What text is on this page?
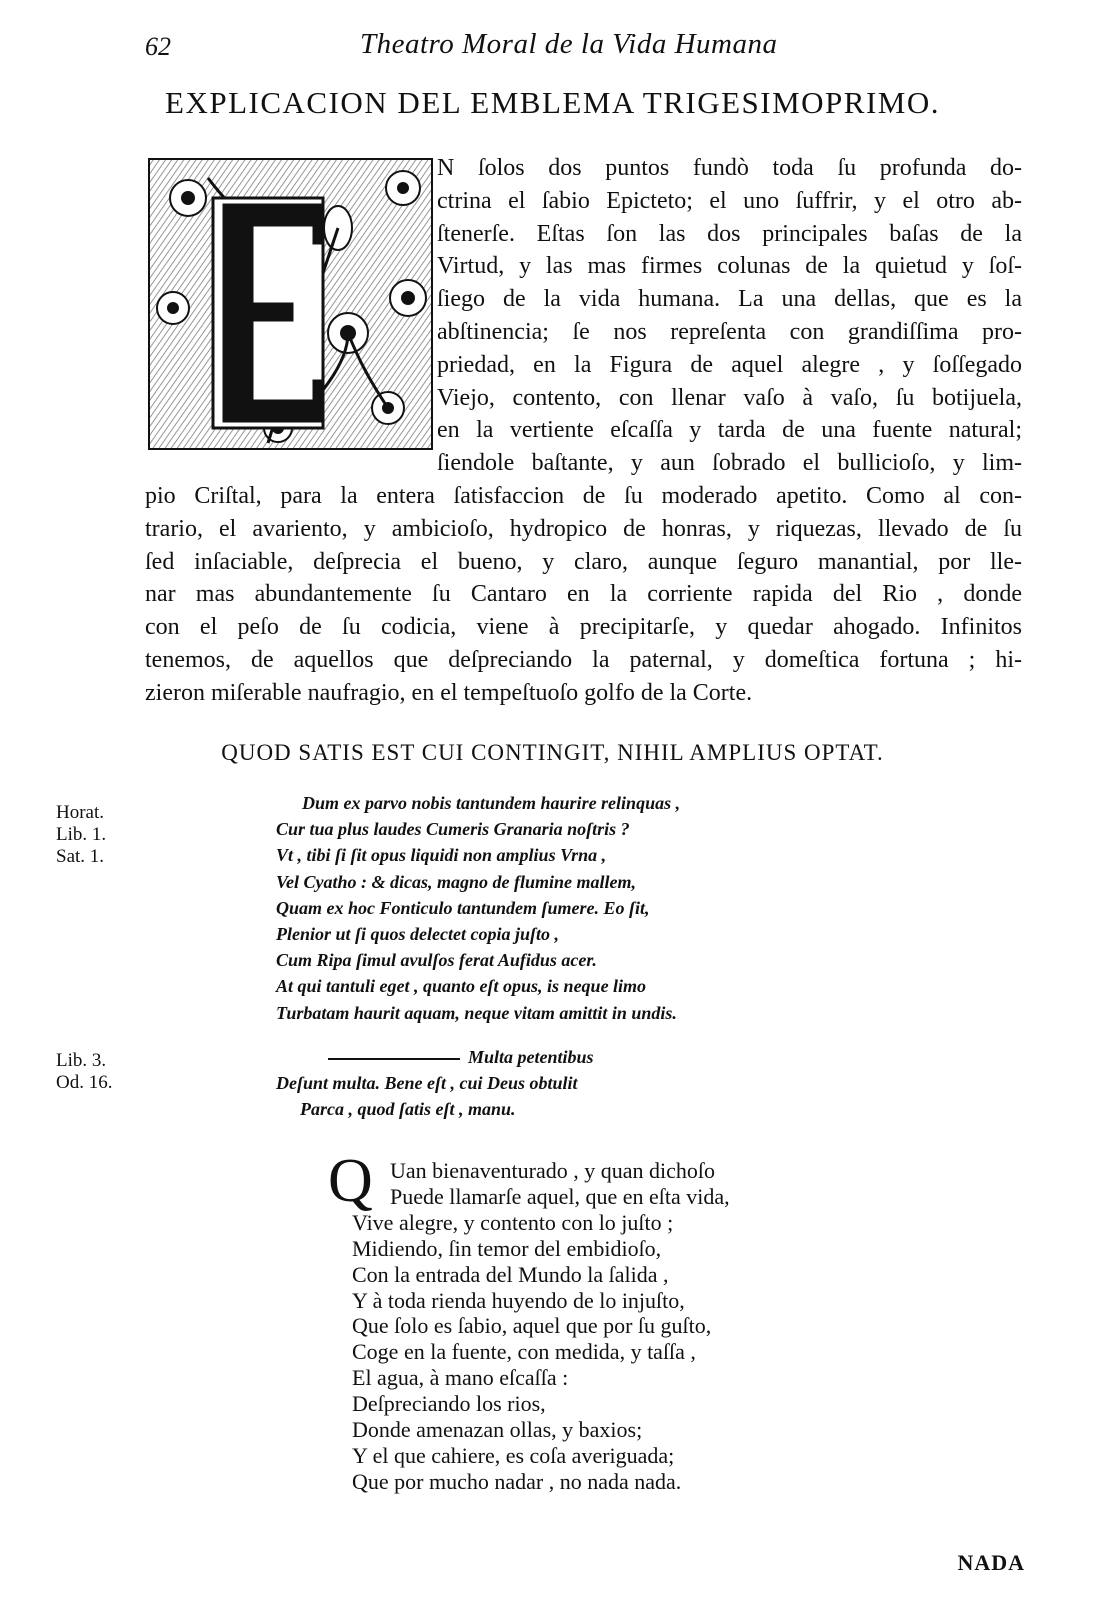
62	Theatro Moral de la Vida Humana
EXPLICACION DEL EMBLEMA TRIGESIMOPRIMO.
N ſolos dos puntos fundò toda ſu profunda do-
ctrina el ſabio Epicteto; el uno ſuffrir, y el otro ab-
ſtenerſe. Eſtas ſon las dos principales baſas de la
Virtud, y las mas firmes colunas de la quietud y ſoſ-
ſiego de la vida humana. La una dellas, que es la
abſtinencia; ſe nos repreſenta con grandiſſima pro-
priedad, en la Figura de aquel alegre , y ſoſſegado
Viejo, contento, con llenar vaſo à vaſo, ſu botijuela,
en la vertiente eſcaſſa y tarda de una fuente natural;
ſiendole baſtante, y aun ſobrado el bullicioſo, y lim-
pio Criſtal, para la entera ſatisfaccion de ſu moderado apetito. Como al con-
trario, el avariento, y ambicioſo, hydropico de honras, y riquezas, llevado de ſu
ſed inſaciable, deſprecia el bueno, y claro, aunque ſeguro manantial, por lle-
nar mas abundantemente ſu Cantaro en la corriente rapida del Rio , donde
con el peſo de ſu codicia, viene à precipitarſe, y quedar ahogado. Infinitos
tenemos, de aquellos que deſpreciando la paternal, y domeſtica fortuna ; hi-
zieron miſerable naufragio, en el tempeſtuoſo golfo de la Corte.
QUOD SATIS EST CUI CONTINGIT, NIHIL AMPLIUS OPTAT.
Horat.
Lib. 1.
Sat. 1.
Dum ex parvo nobis tantundem haurire relinquas ,
Cur tua plus laudes Cumeris Granaria noſtris ?
Vt , tibi ſi ſit opus liquidi non amplius Vrna ,
Vel Cyatho : & dicas, magno de flumine mallem,
Quam ex hoc Fonticulo tantundem ſumere. Eo ſit,
Plenior ut ſi quos delectet copia juſto ,
Cum Ripa ſimul avulſos ferat Aufidus acer.
At qui tantuli eget , quanto eſt opus, is neque limo
Turbatam haurit aquam, neque vitam amittit in undis.
Lib. 3.
Od. 16.
Multa petentibus
Deſunt multa. Bene eſt , cui Deus obtulit
Parca , quod ſatis eſt , manu.
Q Uan bienaventurado , y quan dichoſo
Puede llamarſe aquel, que en eſta vida,
Vive alegre, y contento con lo juſto ;
Midiendo, ſin temor del embidioſo,
Con la entrada del Mundo la ſalida ,
Y à toda rienda huyendo de lo injuſto,
Que ſolo es ſabio, aquel que por ſu guſto,
Coge en la fuente, con medida, y taſſa ,
El agua, à mano eſcaſſa :
Deſpreciando los rios,
Donde amenazan ollas, y baxios;
Y el que cahiere, es coſa averiguada;
Que por mucho nadar , no nada nada.
NADA
